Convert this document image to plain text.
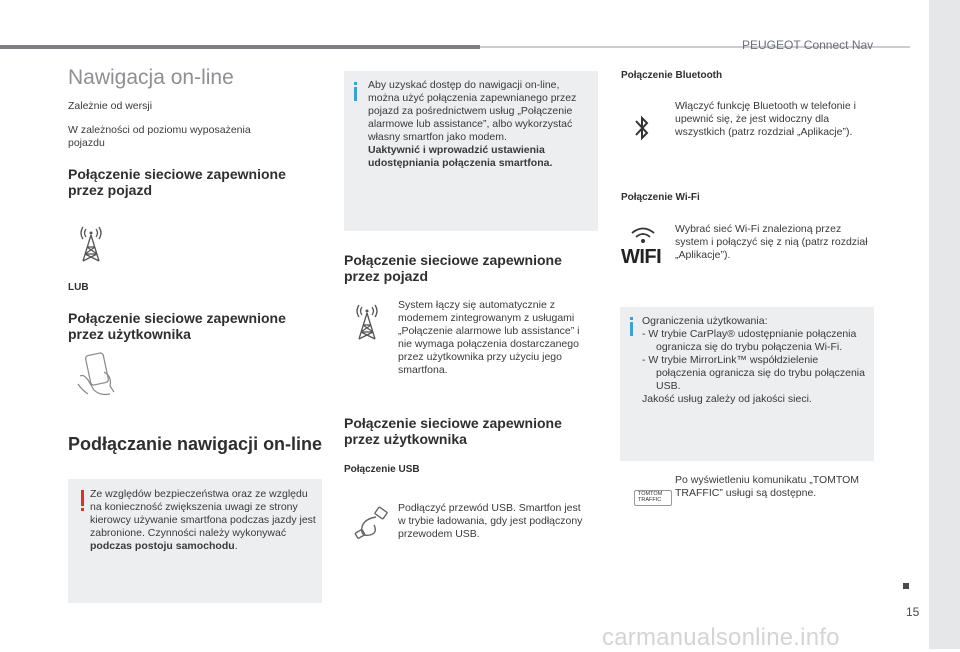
PEUGEOT Connect Nav
Nawigacja on-line

Zależnie od wersji

W zależności od poziomu wyposażenia pojazdu

Połączenie sieciowe zapewnione przez pojazd
LUB
Połączenie sieciowe zapewnione przez użytkownika
Podłączanie nawigacji on-line

Ze względów bezpieczeństwa oraz ze względu na konieczność zwiększenia uwagi ze strony kierowcy używanie smartfona podczas jazdy jest zabronione. Czynności należy wykonywać podczas postoju samochodu.

Aby uzyskać dostęp do nawigacji on-line, można użyć połączenia zapewnianego przez pojazd za pośrednictwem usług „Połączenie alarmowe lub assistance”, albo wykorzystać własny smartfon jako modem.
Uaktywnić i wprowadzić ustawienia udostępniania połączenia smartfona.

Połączenie sieciowe zapewnione przez pojazd

System łączy się automatycznie z modemem zintegrowanym z usługami „Połączenie alarmowe lub assistance” i nie wymaga połączenia dostarczanego przez użytkownika przy użyciu jego smartfona.

Połączenie sieciowe zapewnione przez użytkownika
Połączenie USB

Podłączyć przewód USB. Smartfon jest w trybie ładowania, gdy jest podłączony przewodem USB.

Połączenie Bluetooth

Włączyć funkcję Bluetooth w telefonie i upewnić się, że jest widoczny dla wszystkich (patrz rozdział „Aplikacje”).

Połączenie Wi-Fi
WIFI

Wybrać sieć Wi-Fi znalezioną przez system i połączyć się z nią (patrz rozdział „Aplikacje”).

Ograniczenia użytkowania:

- W trybie CarPlay® udostępnianie połączenia ogranicza się do trybu połączenia Wi-Fi.
- W trybie MirrorLink™ współdzielenie połączenia ogranicza się do trybu połączenia USB.

Jakość usług zależy od jakości sieci.

TOMTOM
TRAFFIC

Po wyświetleniu komunikatu „TOMTOM TRAFFIC” usługi są dostępne.

15
carmanualsonline.info
